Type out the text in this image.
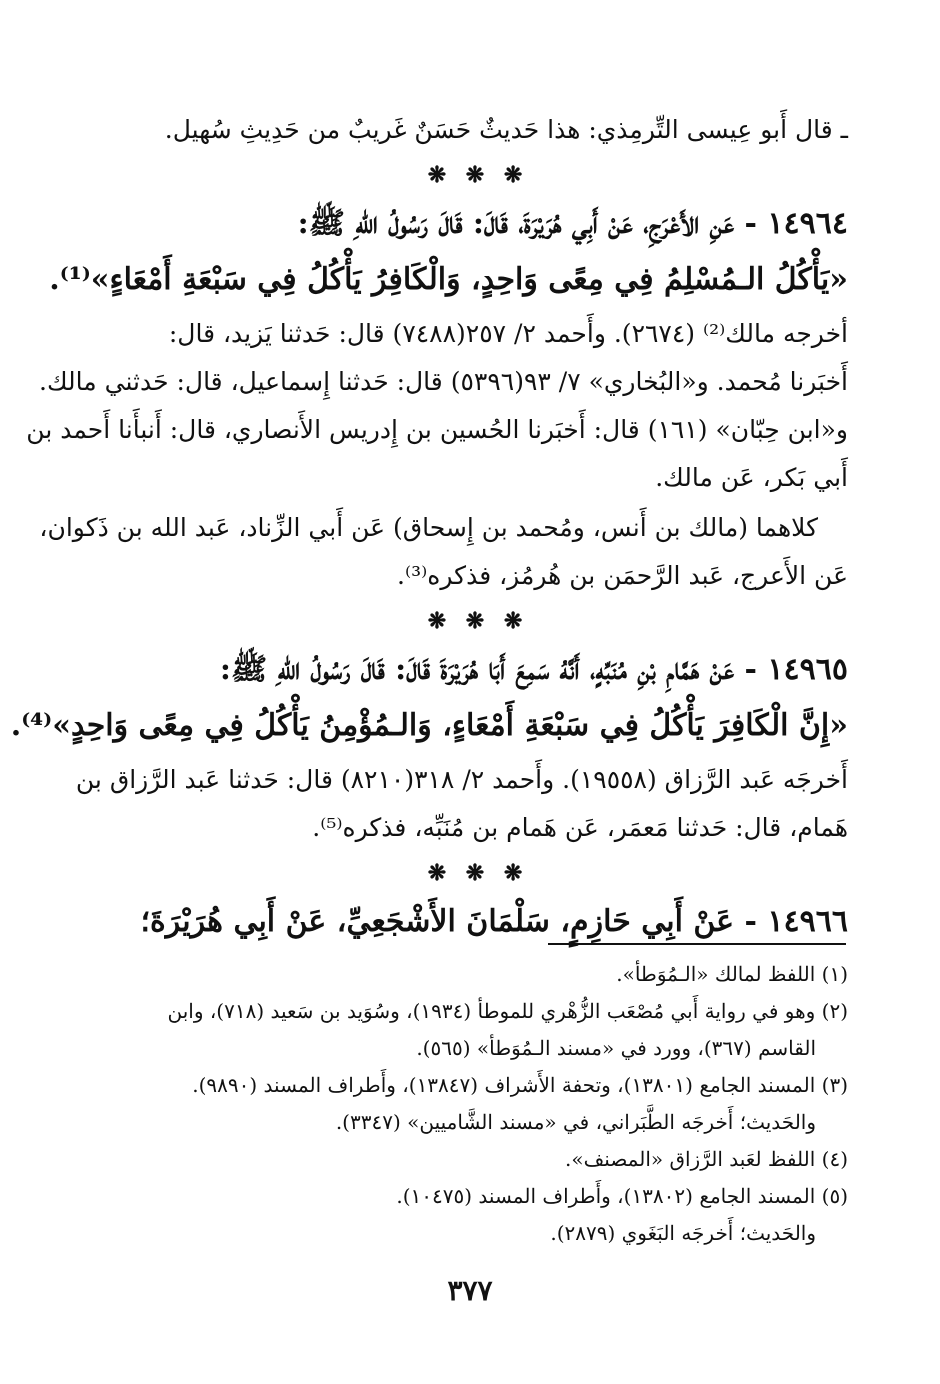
ـ قال أَبو عِيسى التِّرمِذي: هذا حَديثٌ حَسَنٌ غَريبٌ من حَدِيثِ سُهيل.
❋ ❋ ❋
١٤٩٦٤ - عَنِ الأَعْرَجِ، عَنْ أَبِي هُرَيْرَةَ، قَالَ: قَالَ رَسُولُ اللهِ ﷺ:
«يَأْكُلُ الـمُسْلِمُ فِي مِعًى وَاحِدٍ، وَالْكَافِرُ يَأْكُلُ فِي سَبْعَةِ أَمْعَاءٍ»⁽¹⁾.
أخرجه مالك⁽²⁾ (٢٦٧٤). وأَحمد ٢/ ٢٥٧(٧٤٨٨) قال: حَدثنا يَزيد، قال:
أَخبَرنا مُحمد. و«البُخاري» ٧/ ٩٣(٥٣٩٦) قال: حَدثنا إِسماعيل، قال: حَدثني مالك.
و«ابن حِبّان» (١٦١) قال: أَخبَرنا الحُسين بن إِدريس الأَنصاري، قال: أَنبأَنا أَحمد بن
أَبي بَكر، عَن مالك.
كلاهما (مالك بن أَنس، ومُحمد بن إِسحاق) عَن أَبي الزِّناد، عَبد الله بن ذَكوان،
عَن الأَعرج، عَبد الرَّحمَن بن هُرمُز، فذكره⁽³⁾.
❋ ❋ ❋
١٤٩٦٥ - عَنْ هَمَّامِ بْنِ مُنَبِّهٍ، أَنَّهُ سَمِعَ أَبَا هُرَيْرَةَ قَالَ: قَالَ رَسُولُ اللهِ ﷺ:
«إِنَّ الْكَافِرَ يَأْكُلُ فِي سَبْعَةِ أَمْعَاءٍ، وَالـمُؤْمِنُ يَأْكُلُ فِي مِعًى وَاحِدٍ»⁽⁴⁾.
أَخرجَه عَبد الرَّزاق (١٩٥٥٨). وأَحمد ٢/ ٣١٨(٨٢١٠) قال: حَدثنا عَبد الرَّزاق بن
هَمام، قال: حَدثنا مَعمَر، عَن هَمام بن مُنَبِّه، فذكره⁽⁵⁾.
❋ ❋ ❋
١٤٩٦٦ - عَنْ أَبِي حَازِمٍ، سَلْمَانَ الأَشْجَعِيِّ، عَنْ أَبِي هُرَيْرَةَ؛
(١) اللفظ لمالك «الـمُوَطأ».
(٢) وهو في رواية أَبي مُصْعَب الزُّهْري للموطأ (١٩٣٤)، وسُوَيد بن سَعيد (٧١٨)، وابن
القاسم (٣٦٧)، وورد في «مسند الـمُوَطأ» (٥٦٥).
(٣) المسند الجامع (١٣٨٠١)، وتحفة الأَشراف (١٣٨٤٧)، وأَطراف المسند (٩٨٩٠).
والحَديث؛ أَخرجَه الطَّبَراني، في «مسند الشَّاميين» (٣٣٤٧).
(٤) اللفظ لعَبد الرَّزاق «المصنف».
(٥) المسند الجامع (١٣٨٠٢)، وأَطراف المسند (١٠٤٧٥).
والحَديث؛ أَخرجَه البَغَوي (٢٨٧٩).
٣٧٧
